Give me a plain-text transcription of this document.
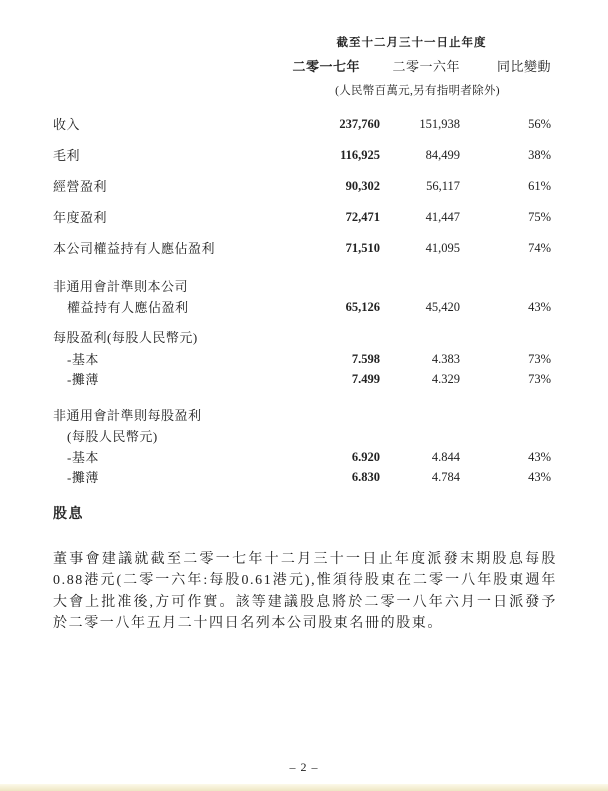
截至十二月三十一日止年度
二零一七年	二零一六年	同比變動
(人民幣百萬元,另有指明者除外)
收入	237,760	151,938	56%
毛利	116,925	84,499	38%
經營盈利	90,302	56,117	61%
年度盈利	72,471	41,447	75%
本公司權益持有人應佔盈利	71,510	41,095	74%
非通用會計準則本公司
權益持有人應佔盈利	65,126	45,420	43%
每股盈利(每股人民幣元)
-基本	7.598	4.383	73%
-攤薄	7.499	4.329	73%
非通用會計準則每股盈利
(每股人民幣元)
-基本	6.920	4.844	43%
-攤薄	6.830	4.784	43%
股息

董事會建議就截至二零一七年十二月三十一日止年度派發末期股息每股0.88港元(二零一六年:每股0.61港元),惟須待股東在二零一八年股東週年大會上批准後,方可作實。該等建議股息將於二零一八年六月一日派發予於二零一八年五月二十四日名列本公司股東名冊的股東。

– 2 –
